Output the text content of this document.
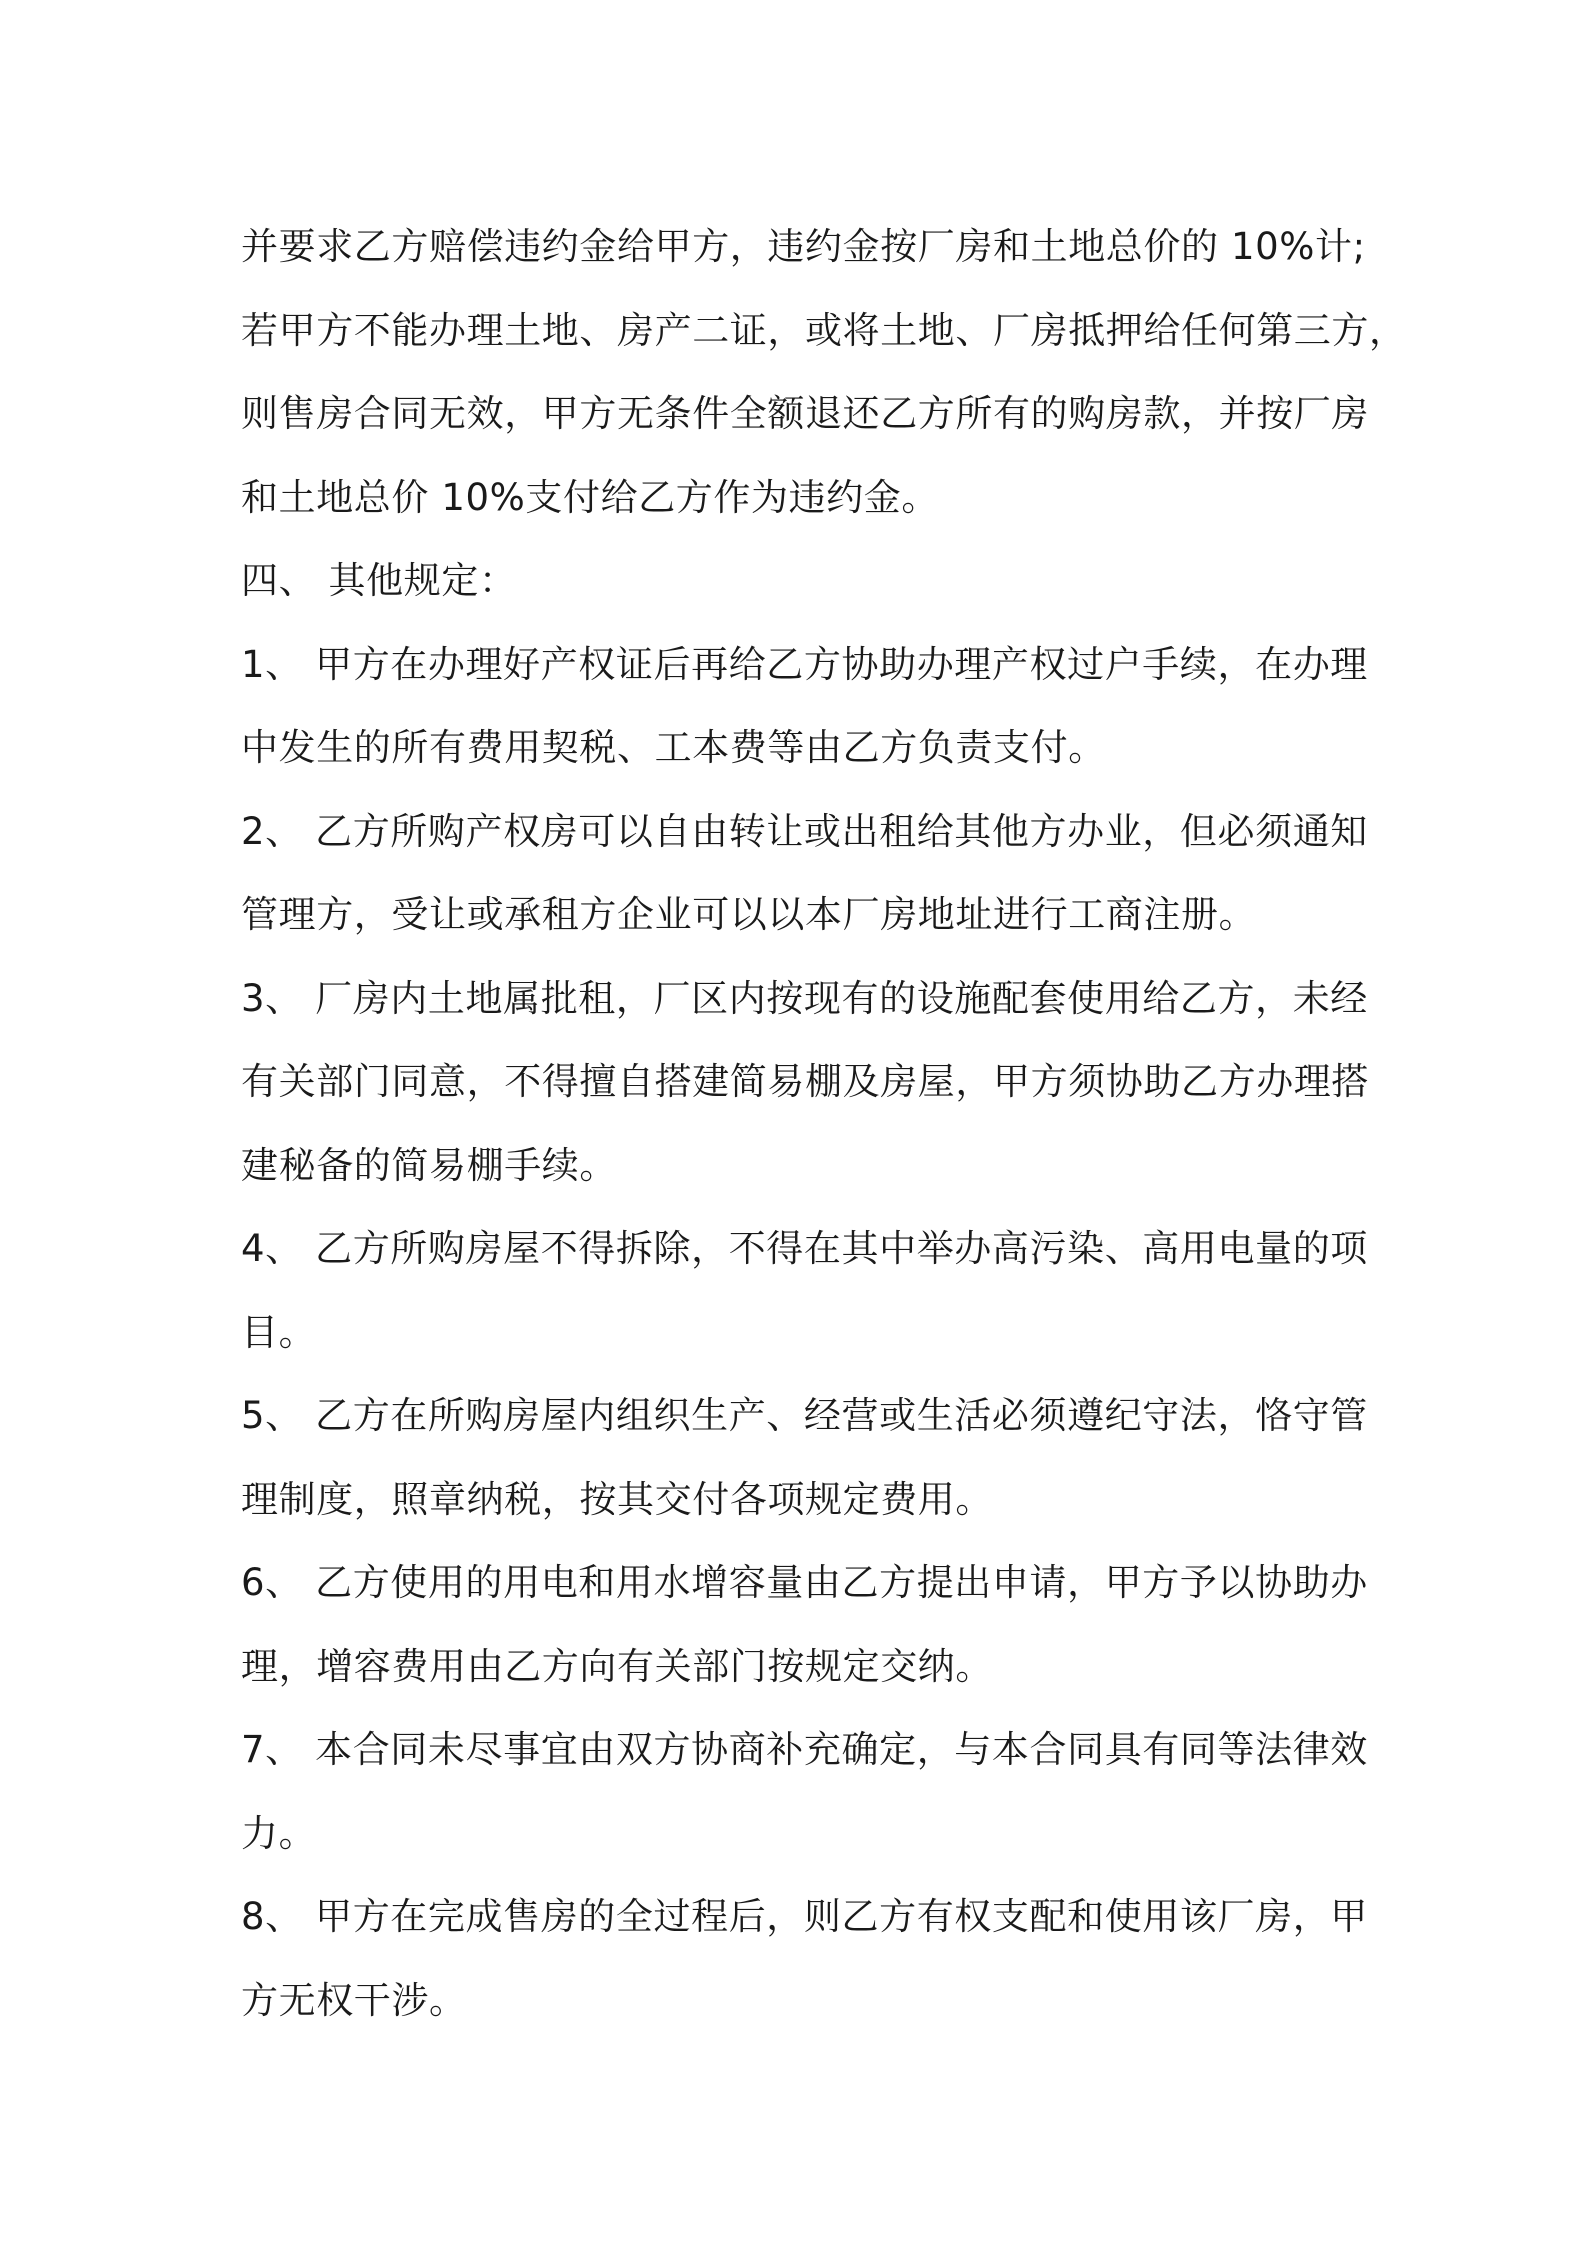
并要求乙方赔偿违约金给甲方，违约金按厂房和土地总价的 10%计;
若甲方不能办理土地、房产二证，或将土地、厂房抵押给任何第三方，
则售房合同无效，甲方无条件全额退还乙方所有的购房款，并按厂房
和土地总价 10%支付给乙方作为违约金。

四、 其他规定：

1、 甲方在办理好产权证后再给乙方协助办理产权过户手续，在办理
中发生的所有费用契税、工本费等由乙方负责支付。

2、 乙方所购产权房可以自由转让或出租给其他方办业，但必须通知
管理方，受让或承租方企业可以以本厂房地址进行工商注册。

3、 厂房内土地属批租，厂区内按现有的设施配套使用给乙方，未经
有关部门同意，不得擅自搭建简易棚及房屋，甲方须协助乙方办理搭
建秘备的简易棚手续。

4、 乙方所购房屋不得拆除，不得在其中举办高污染、高用电量的项
目。

5、 乙方在所购房屋内组织生产、经营或生活必须遵纪守法，恪守管
理制度，照章纳税，按其交付各项规定费用。

6、 乙方使用的用电和用水增容量由乙方提出申请，甲方予以协助办
理，增容费用由乙方向有关部门按规定交纳。

7、 本合同未尽事宜由双方协商补充确定，与本合同具有同等法律效
力。

8、 甲方在完成售房的全过程后，则乙方有权支配和使用该厂房，甲
方无权干涉。
